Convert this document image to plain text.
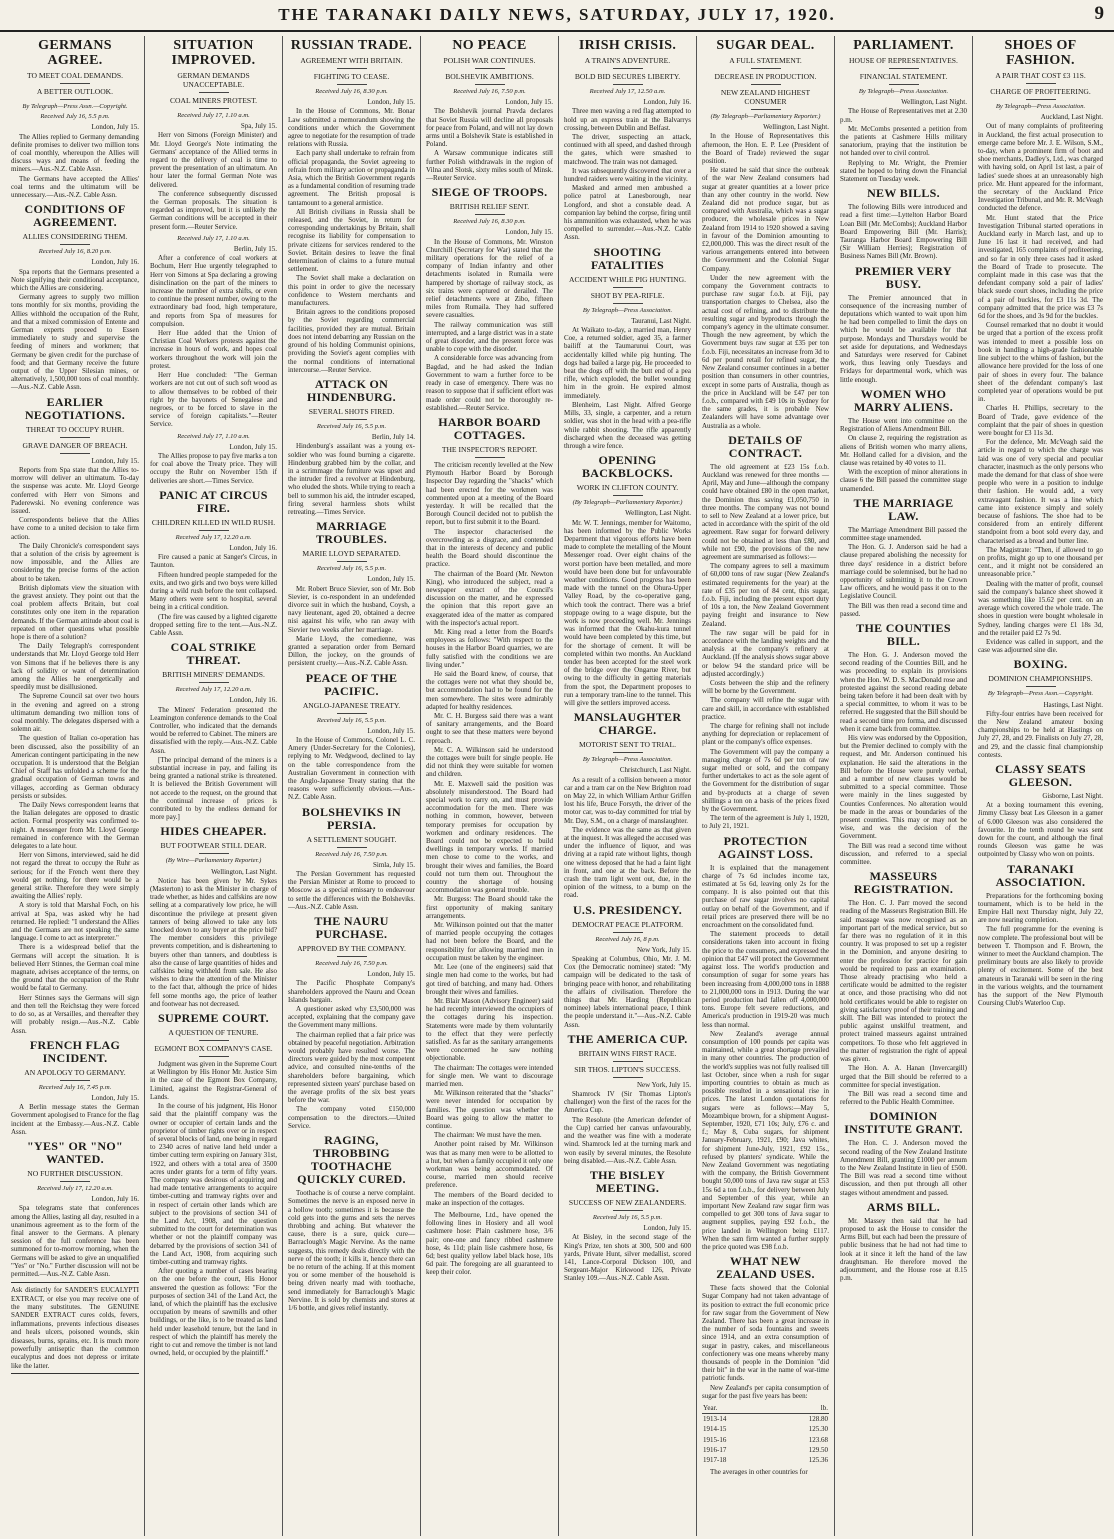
THE TARANAKI DAILY NEWS, SATURDAY, JULY 17, 1920.	9
GERMANS AGREE.
TO MEET COAL DEMANDS.
A BETTER OUTLOOK.
By Telegraph—Press Assn.—Copyright.
Received July 16, 5.5 p.m.
London, July 15.
The Allies replied to Germany demanding definite promises to deliver two million tons of coal monthly, whereupon the Allies will discuss ways and means of feeding the miners.—Aus.-N.Z. Cable Assn.
The Germans have accepted the Allies' coal terms and the ultimatum will be unnecessary.—Aus.-N.Z. Cable Assn.
CONDITIONS OF AGREEMENT.
ALLIES CONSIDERING THEM.
Received July 16, 8.20 p.m.
London, July 16.
Spa reports that the Germans presented a Note signifying their conditional acceptance, which the Allies are considering.
Germany agrees to supply two million tons monthly for six months, providing the Allies withhold the occupation of the Ruhr, and that a mixed commission of Entente and German experts proceed to Essen immediately to study and supervise the feeding of miners and workmen; that Germany be given credit for the purchase of food; and that Germany receive the future output of the Upper Silesian mines, or alternatively, 1,500,000 tons of coal monthly.—Aus.-N.Z. Cable Assn.
EARLIER NEGOTIATIONS.
THREAT TO OCCUPY RUHR.
GRAVE DANGER OF BREACH.
London, July 15.
Reports from Spa state that the Allies to-morrow will deliver an ultimatum. To-day the suspense was acute. Mr. Lloyd George conferred with Herr von Simons and Paderewski. No evening conference was issued.
Correspondents believe that the Allies have come to a united decision to take firm action.
The Daily Chronicle's correspondent says that a solution of the crisis by agreement is now impossible, and the Allies are considering the precise forms of the action about to be taken.
British diplomats view the situation with the gravest anxiety. They point out that the coal problem affects Britain, but coal constitutes only one item in the reparation demands. If the German attitude about coal is repeated on other questions what possible hope is there of a solution?
The Daily Telegraph's correspondent understands that Mr. Lloyd George told Herr von Simons that if he believes there is any lack of solidity or want of determination among the Allies he energetically and speedily must be disillusioned.
The Supreme Council sat over two hours in the evening and agreed on a strong ultimatum demanding two million tons of coal monthly. The delegates dispersed with a solemn air.
The question of Italian co-operation has been discussed, also the possibility of an American contingent participating in the new occupation. It is understood that the Belgian Chief of Staff has unfolded a scheme for the gradual occupation of German towns and villages, according as German obduracy persists or subsides.
The Daily News correspondent learns that the Italian delegates are opposed to drastic action. Formal prosperity was confirmed to-night. A messenger from Mr. Lloyd George remained in conference with the German delegates to a late hour.
Herr von Simons, interviewed, said he did not regard the threat to occupy the Ruhr as serious; for if the French went there they would get nothing, for there would be a general strike. Therefore they were simply awaiting the Allies' reply.
A story is told that Marshal Foch, on his arrival at Spa, was asked why he had returned. He replied: "I understand the Allies and the Germans are not speaking the same language. I come to act as interpreter."
There is a widespread belief that the Germans will accept the situation. It is believed Herr Stinnes, the German coal mine magnate, advises acceptance of the terms, on the ground that the occupation of the Ruhr would be fatal to Germany.
Herr Stinnes says the Germans will sign and then tell the Reichstag they were forced to do so, as at Versailles, and thereafter they will probably resign.—Aus.-N.Z. Cable Assn.
FRENCH FLAG INCIDENT.
AN APOLOGY TO GERMANY.
Received July 16, 7.45 p.m.
London, July 15.
A Berlin message states the German Government apologised to France for the flag incident at the Embassy.—Aus.-N.Z. Cable Assn.
"YES" OR "NO" WANTED.
NO FURTHER DISCUSSION.
Received July 17, 12.20 a.m.
London, July 16.
Spa telegrams state that conferences among the Allies, lasting all day, resulted in a unanimous agreement as to the form of the final answer to the Germans. A plenary session of the full conference has been summoned for to-morrow morning, when the Germans will be asked to give an unqualified "Yes" or "No." Further discussion will not be permitted.—Aus.-N.Z. Cable Assn.
Ask distinctly for SANDER'S EUCALYPTI EXTRACT, or else you may receive one of the many substitutes. The GENUINE SANDER EXTRACT cures colds, fevers, inflammations, prevents infectious diseases and heals ulcers, poisoned wounds, skin diseases, burns, sprains, etc. It is much more powerfully antiseptic than the common eucalyptus and does not depress or irritate like the latter.
SITUATION IMPROVED.
GERMAN DEMANDS UNACCEPTABLE.
COAL MINERS PROTEST.
Received July 17, 1.10 a.m.
Spa, July 15.
Herr von Simons (Foreign Minister) and Mr. Lloyd George's Note intimating the Germans' acceptance of the Allied terms in regard to the delivery of coal is time to prevent the presentation of an ultimatum. An hour later the formal German Note was delivered.
The conference subsequently discussed the German proposals. The situation is regarded as improved, but it is unlikely the German conditions will be accepted in their present form.—Reuter Service.
Received July 17, 1.10 a.m.
Berlin, July 15.
After a conference of coal workers at Bochum, Herr Hue urgently telegraphed to Herr von Simons at Spa declaring a growing disinclination on the part of the miners to increase the number of extra shifts, or even to continue the present number, owing to the extraordinary bad food, high temperature, and reports from Spa of measures for compulsion.
Herr Hue added that the Union of Christian Coal Workers protests against the increase in hours of work, and hopes coal workers throughout the work will join the protest.
Herr Hue concluded: "The German workers are not cut out of such soft wood as to allow themselves to be robbed of their right by the bayonets of Senegalese and negroes, or to be forced to slave in the service of foreign capitalists."—Reuter Service.
Received July 17, 1.10 a.m.
London, July 15.
The Allies propose to pay five marks a ton for coal above the Treaty price. They will occupy the Ruhr on November 15th if deliveries are short.—Times Service.
PANIC AT CIRCUS FIRE.
CHILDREN KILLED IN WILD RUSH.
Received July 17, 12.20 a.m.
London, July 16.
Fire caused a panic at Sanger's Circus, in Taunton.
Fifteen hundred people stampeded for the exits, and two girls and two boys were killed during a wild rush before the tent collapsed. Many others were sent to hospital, several being in a critical condition.
(The fire was caused by a lighted cigarette dropped setting fire to the tent.—Aus.-N.Z. Cable Assn.
COAL STRIKE THREAT.
BRITISH MINERS' DEMANDS.
Received July 17, 12.20 a.m.
London, July 16.
The Miners' Federation presented the Leamington conference demands to the Coal Controller, who indicated that the demands would be referred to Cabinet. The miners are dissatisfied with the reply.—Aus.-N.Z. Cable Assn.
[The principal demand of the miners is a substantial increase in pay, and failing its being granted a national strike is threatened. It is believed the British Government will not accede to the request, on the ground that the continual increase of prices is contributed to by the endless demand for more pay.]
HIDES CHEAPER.
BUT FOOTWEAR STILL DEAR.
(By Wire—Parliamentary Reporter.)
Wellington, Last Night.
Notice has been given by Mr. Sykes (Masterton) to ask the Minister in charge of trade whether, as hides and calfskins are now selling at a comparatively low price, he will discontinue the privilege at present given tanners of being allowed to take any lots knocked down to any buyer at the price bid? The member considers this privilege prevents competition, and is disheartening to buyers other than tanners, and doubtless is also the cause of large quantities of hides and calfskins being withheld from sale. He also wishes to draw the attention of the Minister to the fact that, although the price of hides fell some months ago, the price of leather and footwear has not decreased.
SUPREME COURT.
A QUESTION OF TENURE.
EGMONT BOX COMPANY'S CASE.
Judgment was given in the Supreme Court at Wellington by His Honor Mr. Justice Sim in the case of the Egmont Box Company, Limited, against the Registrar-General of Lands.
In the course of his judgment, His Honor said that the plaintiff company was the owner or occupier of certain lands and the proprietor of timber rights over or in respect of several blocks of land, one being in regard to 2340 acres of native land held under a timber cutting term expiring on January 31st, 1922, and others with a total area of 3500 acres under grants for a term of fifty years. The company was desirous of acquiring and had made tentative arrangements to acquire timber-cutting and tramway rights over and in respect of certain other lands which are subject to the provisions of section 341 of the Land Act, 1908, and the question submitted to the court for determination was whether or not the plaintiff company was debarred by the provisions of section 341 of the Land Act, 1908, from acquiring such timber-cutting and tramway rights.
After quoting a number of cases bearing on the one before the court, His Honor answered the question as follows: "For the purposes of section 341 of the Land Act, the land, of which the plaintiff has the exclusive occupation by means of sawmills and other buildings, or the like, is to be treated as land held under leasehold tenure, but the land in respect of which the plaintiff has merely the right to cut and remove the timber is not land owned, held, or occupied by the plaintiff."
RUSSIAN TRADE.
AGREEMENT WITH BRITAIN.
FIGHTING TO CEASE.
Received July 16, 8.30 p.m.
London, July 15.
In the House of Commons, Mr. Bonar Law submitted a memorandum showing the conditions under which the Government agree to negotiate for the resumption of trade relations with Russia.
Each party shall undertake to refrain from official propaganda, the Soviet agreeing to refrain from military action or propaganda in Asia, which the British Government regards as a fundamental condition of resuming trade agreement. The British proposal is tantamount to a general armistice.
All British civilians in Russia shall be released, and the Soviet, in return for corresponding undertakings by Britain, shall recognise its liability for compensation to private citizens for services rendered to the Soviet. Britain desires to leave the final determination of claims to a future mutual settlement.
The Soviet shall make a declaration on this point in order to give the necessary confidence to Western merchants and manufacturers.
Britain agrees to the conditions proposed by the Soviet regarding commercial facilities, provided they are mutual. Britain does not intend debarring any Russian on the ground of his holding Communist opinions, providing the Soviet's agent complies with the normal conditions of international intercourse.—Reuter Service.
ATTACK ON HINDENBURG.
SEVERAL SHOTS FIRED.
Received July 16, 5.5 p.m.
Berlin, July 14.
Hindenburg's assailant was a young ex-soldier who was found burning a cigarette. Hindenburg grabbed him by the collar, and in a scrimmage the furniture was upset and the intruder fired a revolver at Hindenburg, who eluded the shots. While trying to reach a bell to summon his aid, the intruder escaped, firing several harmless shots whilst retreating.—Times Service.
MARRIAGE TROUBLES.
MARIE LLOYD SEPARATED.
Received July 16, 5.5 p.m.
London, July 15.
Mr. Robert Bruce Sievier, son of Mr. Bob Sievier, is co-respondent in an undefended divorce suit in which the husband, Coysh, a navy lieutenant, aged 20, obtained a decree nisi against his wife, who ran away with Sievier two weeks after her marriage.
Marie Lloyd, the comedienne, was granted a separation order from Bernard Dillon, the jockey, on the grounds of persistent cruelty.—Aus.-N.Z. Cable Assn.
PEACE OF THE PACIFIC.
ANGLO-JAPANESE TREATY.
Received July 16, 5.5 p.m.
London, July 15.
In the House of Commons, Colonel L. C. Amery (Under-Secretary for the Colonies), replying to Mr. Wedgwood, declined to lay on the table correspondence from the Australian Government in connection with the Anglo-Japanese Treaty stating that the reasons were sufficiently obvious.—Aus.-N.Z. Cable Assn.
BOLSHEVIKS IN PERSIA.
A SETTLEMENT SOUGHT.
Received July 16, 7.50 p.m.
Simla, July 15.
The Persian Government has requested the Persian Minister at Rome to proceed to Moscow as a special emissary to endeavour to settle the differences with the Bolsheviks.—Aus.-N.Z. Cable Assn.
THE NAURU PURCHASE.
APPROVED BY THE COMPANY.
Received July 16, 7.50 p.m.
London, July 15.
The Pacific Phosphate Company's shareholders approved the Nauru and Ocean Islands bargain.
A questioner asked why £3,500,000 was accepted, explaining that the company gave the Government many millions.
The chairman replied that a fair price was obtained by peaceful negotiation. Arbitration would probably have resulted worse. The directors were guided by the most competent advice, and consulted nine-tenths of the shareholders before bargaining, which represented sixteen years' purchase based on the average profits of the six best years before the war.
The company voted £150,000 compensation to the directors.—United Service.
RAGING, THROBBING TOOTHACHE QUICKLY CURED.
Toothache is of course a nerve complaint. Sometimes the nerve is an exposed nerve in a hollow tooth; sometimes it is because the cold gets into the gums and sets the nerves throbbing and aching. But whatever the cause, there is a sure, quick cure—Barraclough's Magic Nervine. As the name suggests, this remedy deals directly with the nerve of the tooth; it kills it, hence there can be no return of the aching. If at this moment you or some member of the household is being driven nearly mad with toothache, send immediately for Barraclough's Magic Nervine. It is sold by chemists and stores at 1/6 bottle, and gives relief instantly.
NO PEACE
POLISH WAR CONTINUES.
BOLSHEVIK AMBITIONS.
Received July 16, 7.50 p.m.
London, July 15.
The Bolshevik journal Pravda declares that Soviet Russia will decline all proposals for peace from Poland, and will not lay down arms until a Bolshevik State is established in Poland.
A Warsaw communique indicates still further Polish withdrawals in the region of Vilna and Slotsk, sixty miles south of Minsk.—Reuter Service.
SIEGE OF TROOPS.
BRITISH RELIEF SENT.
Received July 16, 8.30 p.m.
London, July 15.
In the House of Commons, Mr. Winston Churchill (Secretary for War) stated that the military operations for the relief of a company of Indian infantry and other detachments isolated in Rumaila were hampered by shortage of railway stock, as six trains were captured or derailed. The relief detachments were at Zibo, fifteen miles from Rumaila. They had suffered severe casualties.
The railway communication was still interrupted, and a large district was in a state of great disorder, and the present force was unable to cope with the disorder.
A considerable force was advancing from Bagdad, and he had asked the Indian Government to warn a further force to be ready in case of emergency. There was no reason to suppose that if sufficient effort was made order could not be thoroughly re-established.—Reuter Service.
HARBOR BOARD COTTAGES.
THE INSPECTOR'S REPORT.
The criticism recently levelled at the New Plymouth Harbor Board by Borough Inspector Day regarding the "shacks" which had been erected for the workmen was commented upon at a meeting of the Board yesterday. It will be recalled that the Borough Council decided not to publish the report, but to first submit it to the Board.
The inspector characterised the overcrowding as a disgrace, and contended that in the interests of decency and public health the Board should discontinue the practice.
The chairman of the Board (Mr. Newton King), who introduced the subject, read a newspaper extract of the Council's discussion on the matter, and he expressed the opinion that this report gave an exaggerated idea of the matter as compared with the inspector's actual report.
Mr. King read a letter from the Board's employees as follows: "With respect to the houses in the Harbor Board quarries, we are fully satisfied with the conditions we are living under."
He said the Board knew, of course, that the cottages were not what they should be, but accommodation had to be found for the men somewhere. The sites were admirably adapted for healthy residences.
Mr. C. H. Burgess said there was a want of sanitary arrangements, and the Board ought to see that these matters were beyond reproach.
Mr. C. A. Wilkinson said he understood the cottages were built for single people. He did not think they were suitable for women and children.
Mr. E. Maxwell said the position was absolutely misunderstood. The Board had special work to carry on, and must provide accommodation for the men. There was nothing in common, however, between temporary premises for occupation by workmen and ordinary residences. The Board could not be expected to build dwellings in temporary works. If married men chose to come to the works, and brought their wives and families, the Board could not turn them out. Throughout the country the shortage of housing accommodation was general trouble.
Mr. Burgess: The Board should take the first opportunity of making sanitary arrangements.
Mr. Wilkinson pointed out that the matter of married people occupying the cottages had not been before the Board, and the responsibility for allowing married men in occupation must be taken by the engineer.
Mr. Lee (one of the engineers) said that single men had come to the works, but had got tired of batching, and many had. Others brought their wives and families.
Mr. Blair Mason (Advisory Engineer) said he had recently interviewed the occupiers of the cottages during his inspection. Statements were made by them voluntarily to the effect that they were perfectly satisfied. As far as the sanitary arrangements were concerned he saw nothing objectionable.
The chairman: The cottages were intended for single men. We want to discourage married men.
Mr. Wilkinson reiterated that the "shacks" were never intended for occupation by families. The question was whether the Board was going to allow the matter to continue.
The chairman: We must have the men.
Another point raised by Mr. Wilkinson was that as many men were to be allotted to a hut, but when a family occupied it only one workman was being accommodated. Of course, married men should receive preference.
The members of the Board decided to make an inspection of the cottages.
The Melbourne, Ltd., have opened the following lines in Hosiery and all wool cashmere hose: Plain cashmere hose, 3/6 pair; one-one and fancy ribbed cashmere hose, 4s 11d; plain lisle cashmere hose, 6s 6d; best quality yellow label black hose, 10s 6d pair. The foregoing are all guaranteed to keep their color.
IRISH CRISIS.
A TRAIN'S ADVENTURE.
BOLD BID SECURES LIBERTY.
Received July 17, 12.50 a.m.
London, July 16.
Three men waving a red flag attempted to hold up an express train at the Balvarrys crossing, between Dublin and Belfast.
The driver, suspecting an attack, continued with all speed, and dashed through the gates, which were smashed to matchwood. The train was not damaged.
It was subsequently discovered that over a hundred raiders were waiting in the vicinity.
Masked and armed men ambushed a police patrol at Lanesborough, near Longford, and shot a constable dead. A companion lay behind the corpse, firing until his ammunition was exhausted, when he was compelled to surrender.—Aus.-N.Z. Cable Assn.
SHOOTING FATALITIES
ACCIDENT WHILE PIG HUNTING.
SHOT BY PEA-RIFLE.
By Telegraph—Press Association.
Tauranui, Last Night.
At Waikato to-day, a married man, Henry Coe, a returned soldier, aged 35, a farmer bailiff at the Taumarunui Court, was accidentally killed while pig hunting. The dogs had bailed a large pig. He proceeded to beat the dogs off with the butt end of a pea rifle, which exploded, the bullet wounding him in the groin. He expired almost immediately.
Blenheim, Last Night. Alfred George Mills, 33, single, a carpenter, and a return soldier, was shot in the head with a pea-rifle while rabbit shooting. The rifle apparently discharged when the deceased was getting through a wire fence.
OPENING BACKBLOCKS.
WORK IN CLIFTON COUNTY.
(By Telegraph—Parliamentary Reporter.)
Wellington, Last Night.
Mr. W. T. Jennings, member for Waitomo, has been informed by the Public Works Department that vigorous efforts have been made to complete the metalling of the Mount Messenger road. Over eight chains of the worst portion have been metalled, and more would have been done but for unfavourable weather conditions. Good progress has been made with the tunnel on the Ohura-Upper Valley Road, by the co-operative gang, which took the contract. There was a brief stoppage owing to a wage dispute, but the work is now proceeding well. Mr. Jennings was informed that the Okahu-kura tunnel would have been completed by this time, but for the shortage of cement. It will be completed within two months. An Auckland tender has been accepted for the steel work of the bridge over the Ongarue River, but owing to the difficulty in getting materials from the spot, the Department proposes to run a temporary tram-line to the tunnel. This will give the settlers improved access.
MANSLAUGHTER CHARGE.
MOTORIST SENT TO TRIAL.
By Telegraph—Press Association.
Christchurch, Last Night.
As a result of a collision between a motor car and a tram car on the New Brighton road on May 22, in which William Arthur Griffen lost his life, Bruce Forsyth, the driver of the motor car, was to-day committed for trial by Mr. Day, S.M., on a charge of manslaughter.
The evidence was the same as that given at the inquest. It was alleged the accused was under the influence of liquor, and was driving at a rapid rate without lights, though one witness deposed that he had a faint light in front, and one at the back. Before the crash the tram light went out, due, in the opinion of the witness, to a bump on the road.
U.S. PRESIDENCY.
DEMOCRAT PEACE PLATFORM.
Received July 16, 8 p.m.
New York, July 15.
Speaking at Columbus, Ohio, Mr. J. M. Cox (the Democratic nominee) stated: "My campaign will be dedicated to the task of bringing peace with honor, and rehabilitating the affairs of civilisation. Therefore the things that Mr. Harding (Republican nominee) labels international peace, I think the people understand it."—Aus.-N.Z. Cable Assn.
THE AMERICA CUP.
BRITAIN WINS FIRST RACE.
SIR THOS. LIPTON'S SUCCESS.
New York, July 15.
Shamrock IV (Sir Thomas Lipton's challenger) won the first of the races for the America Cup.
The Resolute (the American defender of the Cup) carried her canvas unfavourably, and the weather was fine with a moderate wind. Shamrock led at the turning mark and won easily by several minutes, the Resolute being disabled.—Aus.-N.Z. Cable Assn.
THE BISLEY MEETING.
SUCCESS OF NEW ZEALANDERS.
Received July 16, 5.5 p.m.
London, July 15.
At Bisley, in the second stage of the King's Prize, ten shots at 300, 500 and 600 yards, Private Hunt, silver medallist, scored 141, Lance-Corporal Dickson 100, and Sergeant-Major Kirkwood 126, Private Stanley 109.—Aus.-N.Z. Cable Assn.
SUGAR DEAL.
A FULL STATEMENT.
DECREASE IN PRODUCTION.
NEW ZEALAND HIGHEST CONSUMER
(By Telegraph—Parliamentary Reporter.)
Wellington, Last Night.
In the House of Representatives this afternoon, the Hon. E. P. Lee (President of the Board of Trade) reviewed the sugar position.
He stated he said that since the outbreak of the war New Zealand consumers had sugar at greater quantities at a lower price than any other country in the world. New Zealand did not produce sugar, but as compared with Australia, which was a sugar producer, the wholesale prices in New Zealand from 1914 to 1920 showed a saving in favour of the Dominion amounting to £2,000,000. This was the direct result of the various arrangements entered into between the Government and the Colonial Sugar Company.
Under the new agreement with the company the Government contracts to purchase raw sugar f.o.b. at Fiji, pay transportation charges to Chelsea, also the actual cost of refining, and to distribute the resulting sugar and byproducts through the company's agency in the ultimate consumer. Though the new agreement, by which the Government buys raw sugar at £35 per ton f.o.b. Fiji, necessitates an increase from 3d to 6d per pound retail for refined sugar, the New Zealand consumer continues in a better position than consumers in other countries, except in some parts of Australia, though as the price in Auckland will be £47 per ton f.o.b., compared with £49 10s in Sydney for the same grades, it is probable New Zealanders will have some advantage over Australia as a whole.
DETAILS OF CONTRACT.
The old agreement at £23 15s f.o.b. Auckland was renewed for three months —April, May and June—although the company could have obtained £80 in the open market, the Dominion thus saving £1,050,750 in three months. The company was not bound to sell to New Zealand at a lower price, but acted in accordance with the spirit of the old agreement. Raw sugar for forward delivery could not be obtained at less than £80, and while not £90, the provisions of the new agreement are summarised as follows:—
The company agrees to sell a maximum of 60,000 tons of raw sugar (New Zealand's estimated requirements for the year) at the rate of £35 per ton of 84 cent, this sugar, f.o.b. Fiji, including the present export duty of 10s a ton, the New Zealand Government paying freight and insurance to New Zealand.
The raw sugar will be paid for in accordance with the landing weights and the analysis at the company's refinery at Auckland. (If the analysis shows sugar above or below 94 the standard price will be adjusted accordingly.)
Costs between the ship and the refinery will be borne by the Government.
The company will refine the sugar with care and skill, in accordance with established practice.
The charge for refining shall not include anything for depreciation or replacement of plant or the company's office expenses.
The Government will pay the company a managing charge of 7s 6d per ton of raw sugar melted or sold, and the company further undertakes to act as the sole agent of the Government for the distribution of sugar and by-products at a charge of seven shillings a ton on a basis of the prices fixed by the Government.
The term of the agreement is July 1, 1920, to July 21, 1921.
PROTECTION AGAINST LOSS.
It is explained that the management charge of 7s 6d includes income tax, estimated at 5s 6d, leaving only 2s for the company. It is also pointed out that this purchase of raw sugar involves no capital outlay on behalf of the Government, and if retail prices are preserved there will be no encroachment on the consolidated fund.
The statement proceeds to detail considerations taken into account in fixing the price to the consumers, and expressed the opinion that £47 will protect the Government against loss. The world's production and consumption of sugar for some years has been increasing from 4,000,000 tons in 1888 to 21,000,000 tons in 1913. During the war period production had fallen off 4,000,000 tons. Europe felt severe reductions, and America's production in 1919-20 was much less than normal.
New Zealand's average annual consumption of 100 pounds per capita was maintained, while a great shortage prevailed in many other countries. The production of the world's supplies was not fully realised till last October, since when a rush for sugar importing countries to obtain as much as possible resulted in a sensational rise in prices. The latest London quotations for sugars were as follows:—May 5, Mozambique brown, for a shipment August-September, 1920, £71 10s; July, £76 c. and f.; May 8, Cuba sugars, for shipment January-February, 1921, £90; Java whites, for shipment June-July, 1921, £92 15s., refused by planters' syndicate. While the New Zealand Government was negotiating with the company, the British Government bought 50,000 tons of Java raw sugar at £53 15s 6d a ton f.o.b., for delivery between July and September of this year, while an important New Zealand raw sugar firm was compelled to get 300 tons of Java sugar to augment supplies, paying £92 f.o.b., the price landed in Wellington being £117. When the sam firm wanted a further supply the price quoted was £98 f.o.b.
WHAT NEW ZEALAND USES.
These facts showed that the Colonial Sugar Company had not taken advantage of its position to extract the full economic price for raw sugar from the Government of New Zealand. There has been a great increase in the number of soda fountains and sweets since 1914, and an extra consumption of sugar in pastry, cakes, and miscellaneous confectionery was one means whereby many thousands of people in the Dominion "did their bit" in the war in the name of war-time patriotic funds.
New Zealand's per capita consumption of sugar for the past five years has been:
Year.	lb.
1913-14	128.80
1914-15	125.30
1915-16	123.68
1916-17	129.50
1917-18	125.36
The averages in other countries for
PARLIAMENT.
HOUSE OF REPRESENTATIVES.
FINANCIAL STATEMENT.
By Telegraph—Press Association.
Wellington, Last Night.
The House of Representatives met at 2.30 p.m.
Mr. McCombs presented a petition from the patients at Cashmere Hills military sanatorium, praying that the institution be not handed over to civil control.
Replying to Mr. Wright, the Premier stated he hoped to bring down the Financial Statement on Tuesday week.
NEW BILLS.
The following Bills were introduced and read a first time:—Lyttelton Harbor Board Loan Bill (Mr. McCombs); Auckland Harbor Board Empowering Bill (Mr. Harris); Tauranga Harbor Board Empowering Bill (Sir William Herries); Registration of Business Names Bill (Mr. Brown).
PREMIER VERY BUSY.
The Premier announced that in consequence of the increasing number of deputations which wanted to wait upon him he had been compelled to limit the days on which he would be available for that purpose. Mondays and Thursdays would be set aside for deputations, and Wednesdays and Saturdays were reserved for Cabinet work, thus leaving only Tuesdays and Fridays for departmental work, which was little enough.
WOMEN WHO MARRY ALIENS.
The House went into committee on the Registration of Aliens Amendment Bill.
On clause 2, requiring the registration as aliens of British women who marry aliens, Mr. Holland called for a division, and the clause was retained by 40 votes to 11.
With the exception of minor alterations in clause 6 the Bill passed the committee stage unamended.
THE MARRIAGE LAW.
The Marriage Amendment Bill passed the committee stage unamended.
The Hon. G. J. Anderson said he had a clause prepared abolishing the necessity for three days' residence in a district before marriage could be solemnised, but he had no opportunity of submitting it to the Crown Law officers, and he would pass it on to the Legislative Council.
The Bill was then read a second time and passed.
THE COUNTIES BILL.
The Hon. G. J. Anderson moved the second reading of the Counties Bill, and he was proceeding to explain its provisions when the Hon. W. D. S. MacDonald rose and protested against the second reading debate being taken before it had been dealt with by a special committee, to whom it was to be referred. He suggested that the Bill should be read a second time pro forma, and discussed when it came back from committee.
His view was endorsed by the Opposition, but the Premier declined to comply with the request, and Mr. Anderson continued his explanation. He said the alterations in the Bill before the House were purely verbal, and a number of new clauses would be submitted to a special committee. Those were mainly in the lines suggested by Counties Conferences. No alteration would be made in the areas or boundaries of the present counties. This may or may not be wise, and was the decision of the Government.
The Bill was read a second time without discussion, and referred to a special committee.
MASSEURS REGISTRATION.
The Hon. C. J. Parr moved the second reading of the Masseurs Registration Bill. He said massage was now recognised as an important part of the medical service, but so far there was no regulation of it in this country. It was proposed to set up a register in the Dominion, and anyone desiring to enter the profession for practice for gain would be required to pass an examination. Those already practising who held a certificate would be admitted to the register at once, and those practising who did not hold certificates would be able to register on giving satisfactory proof of their training and skill. The Bill was intended to protect the public against unskilful treatment, and protect trained masseurs against untrained competitors. To those who felt aggrieved in the matter of registration the right of appeal was given.
The Hon. A. A. Hanan (Invercargill) urged that the Bill should be referred to a committee for special investigation.
The Bill was read a second time and referred to the Public Health Committee.
DOMINION INSTITUTE GRANT.
The Hon. C. J. Anderson moved the second reading of the New Zealand Institute Amendment Bill, granting £1000 per annum to the New Zealand Institute in lieu of £500. The Bill was read a second time without discussion, and then put through all other stages without amendment and passed.
ARMS BILL.
Mr. Massey then said that he had proposed to ask the House to consider the Arms Bill, but each had been the pressure of public business that he had not had time to look at it since it left the hand of the law draughtsman. He therefore moved the adjournment, and the House rose at 8.15 p.m.
SHOES OF FASHION.
A PAIR THAT COST £3 11S.
CHARGE OF PROFITEERING.
By Telegraph—Press Association.
Auckland, Last Night.
Out of many complaints of profiteering in Auckland, the first actual prosecution to emerge came before Mr. J. E. Wilson, S.M., to-day, when a prominent firm of boot and shoe merchants, Dadley's, Ltd., was charged with having sold, on April 1st last, a pair of ladies' suede shoes at an unreasonably high price. Mr. Hunt appeared for the informant, the secretary of the Auckland Price Investigation Tribunal, and Mr. R. McVeagh conducted the defence.
Mr. Hunt stated that the Price Investigation Tribunal started operations in Auckland early in March last, and up to June 16 last it had received, and had investigated, 165 complaints of profiteering, and so far in only three cases had it asked the Board of Trade to prosecute. The complaint made in this case was that the defendant company sold a pair of ladies' black suede court shoes, including the price of a pair of buckles, for £3 11s 3d. The company admitted that the price was £3 7s 6d for the shoes, and 3s 9d for the buckles.
Counsel remarked that no doubt it would be urged that a portion of the excess profit was intended to meet a possible loss on book in handling a high-grade fashionable line subject to the whims of fashion, but the allowance here provided for the loss of one pair of shoes in every four. The balance sheet of the defendant company's last completed year of operations would be put in.
Charles H. Phillips, secretary to the Board of Trade, gave evidence of the complaint that the pair of shoes in question were bought for £3 11s 3d.
For the defence, Mr. McVeagh said the article in regard to which the charge was laid was one of very special and peculiar character, inasmuch as the only persons who made the demand for that class of shoe were people who were in a position to indulge their fashion. He would add, a very extravagant fashion. It was a line which came into existence simply and solely because of fashions. The shoe had to be considered from an entirely different standpoint from a boot sold every day, and characterised as a bread and butter line.
The Magistrate: "Then, if allowed to go on profits, might go up to one thousand per cent., and it might not be considered an unreasonable price."
Dealing with the matter of profit, counsel said the company's balance sheet showed it was something like 15.62 per cent. on an average which covered the whole trade. The shoes in question were bought wholesale in Sydney, landing charges were £1 18s 3d, and the retailer paid £2 7s 9d.
Evidence was called in support, and the case was adjourned sine die.
BOXING.
DOMINION CHAMPIONSHIPS.
By Telegraph—Press Assn.—Copyright.
Hastings, Last Night.
Fifty-four entries have been received for the New Zealand amateur boxing championships to be held at Hastings on July 27, 28, and 29. Finalists on July 27, 28, and 29, and the classic final championship contests.
CLASSY SEATS GLEESON.
Gisborne, Last Night.
At a boxing tournament this evening, Jimmy Classy beat Les Gleeson in a gamer of 6.000 Gleeson was also considered the favourite. In the tenth round he was sent down for the count, and although the final rounds Gleeson was game he was outpointed by Classy who won on points.
TARANAKI ASSOCIATION.
Preparations for the forthcoming boxing tournament, which is to be held in the Empire Hall next Thursday night, July 22, are now nearing completion.
The full programme for the evening is now complete. The professional bout will be between T. Thompson and F. Brown, the winner to meet the Auckland champion. The preliminary bouts are also likely to provide plenty of excitement. Some of the best amateurs in Taranaki will be seen in the ring in the various weights, and the tournament has the support of the New Plymouth Coursing Club's Waterloo Cup.
